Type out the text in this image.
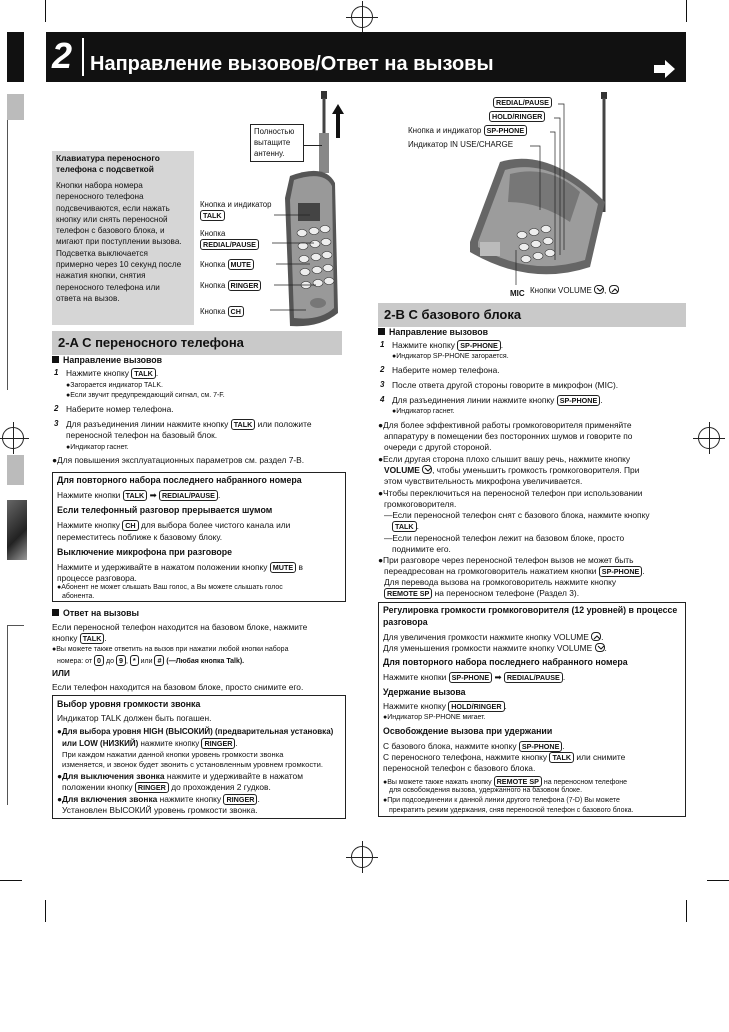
2 Направление вызовов/Ответ на вызовы
Клавиатура переносного телефона с подсветкой
Кнопки набора номера переносного телефона подсвечиваются, если нажать кнопку или снять переносной телефон с базового блока, и мигают при поступлении вызова. Подсветка выключается примерно через 10 секунд после нажатия кнопки, снятия переносного телефона или ответа на вызов.
Полностью вытащите антенну.
Кнопка и индикатор TALK
Кнопка
REDIAL/PAUSE
Кнопка MUTE
Кнопка RINGER
Кнопка CH
REDIAL/PAUSE
HOLD/RINGER
Кнопка и индикатор SP-PHONE
Индикатор IN USE/CHARGE
MIC Кнопки VOLUME ,
2-A С переносного телефона
Направление вызовов
1 Нажмите кнопку TALK .
●Загорается индикатор TALK.
●Если звучит предупреждающий сигнал, см. 7-F.
2 Наберите номер телефона.
3 Для разъединения линии нажмите кнопку TALK или положите переносной телефон на базовый блок.
●Индикатор гаснет.
●Для повышения эксплуатационных параметров см. раздел 7-B.
Для повторного набора последнего набранного номера
Нажмите кнопки TALK ➡ REDIAL/PAUSE .
Если телефонный разговор прерывается шумом
Нажмите кнопку CH для выбора более чистого канала или
переместитесь поближе к базовому блоку.
Выключение микрофона при разговоре
Нажмите и удерживайте в нажатом положении кнопку MUTE в
процессе разговора.
●Абонент не может слышать Ваш голос, а Вы можете слышать голос
абонента.
Ответ на вызовы
Если переносной телефон находится на базовом блоке, нажмите
кнопку TALK .
●Вы можете также ответить на вызов при нажатии любой кнопки набора
номера: от 0 до 9 , * или # (—Любая кнопка Talk).
ИЛИ
Если телефон находится на базовом блоке, просто снимите его.
Выбор уровня громкости звонка
Индикатор TALK должен быть погашен.
●Для выбора уровня HIGH (ВЫСОКИЙ) (предварительная установка)
или LOW (НИЗКИЙ) нажмите кнопку RINGER .
При каждом нажатии данной кнопки уровень громкости звонка
изменяется, и звонок будет звонить с установленным уровнем громкости.
●Для выключения звонка нажмите и удерживайте в нажатом
положении кнопку RINGER до прохождения 2 гудков.
●Для включения звонка нажмите кнопку RINGER .
Установлен ВЫСОКИЙ уровень громкости звонка.
2-B С базового блока
Направление вызовов
1 Нажмите кнопку SP-PHONE .
●Индикатор SP-PHONE загорается.
2 Наберите номер телефона.
3 После ответа другой стороны говорите в микрофон (MIC).
4 Для разъединения линии нажмите кнопку SP-PHONE .
●Индикатор гаснет.
●Для более эффективной работы громкоговорителя применяйте
аппаратуру в помещении без посторонних шумов и говорите по
очереди с другой стороной.
●Если другая сторона плохо слышит вашу речь, нажмите кнопку
VOLUME , чтобы уменьшить громкость громкоговорителя. При
этом чувствительность микрофона увеличивается.
●Чтобы переключиться на переносной телефон при использовании
громкоговорителя.
—Если переносной телефон снят с базового блока, нажмите кнопку
TALK .
—Если переносной телефон лежит на базовом блоке, просто
поднимите его.
●При разговоре через переносной телефон вызов не может быть
переадресован на громкоговоритель нажатием кнопки SP-PHONE .
Для перевода вызова на громкоговоритель нажмите кнопку
REMOTE SP на переносном телефоне (Раздел 3).
Регулировка громкости громкоговорителя (12 уровней) в процессе разговора
Для увеличения громкости нажмите кнопку VOLUME .
Для уменьшения громкости нажмите кнопку VOLUME .
Для повторного набора последнего набранного номера
Нажмите кнопки SP-PHONE ➡ REDIAL/PAUSE .
Удержание вызова
Нажмите кнопку HOLD/RINGER .
●Индикатор SP-PHONE мигает.
Освобождение вызова при удержании
С базового блока, нажмите кнопку SP-PHONE .
С переносного телефона, нажмите кнопку TALK или снимите
переносной телефон с базового блока.
●Вы можете также нажать кнопку REMOTE SP на переносном телефоне
для освобождения вызова, удержанного на базовом блоке.
●При подсоединении к данной линии другого телефона (7-D) Вы можете
прекратить режим удержания, сняв переносной телефон с базового блока.
